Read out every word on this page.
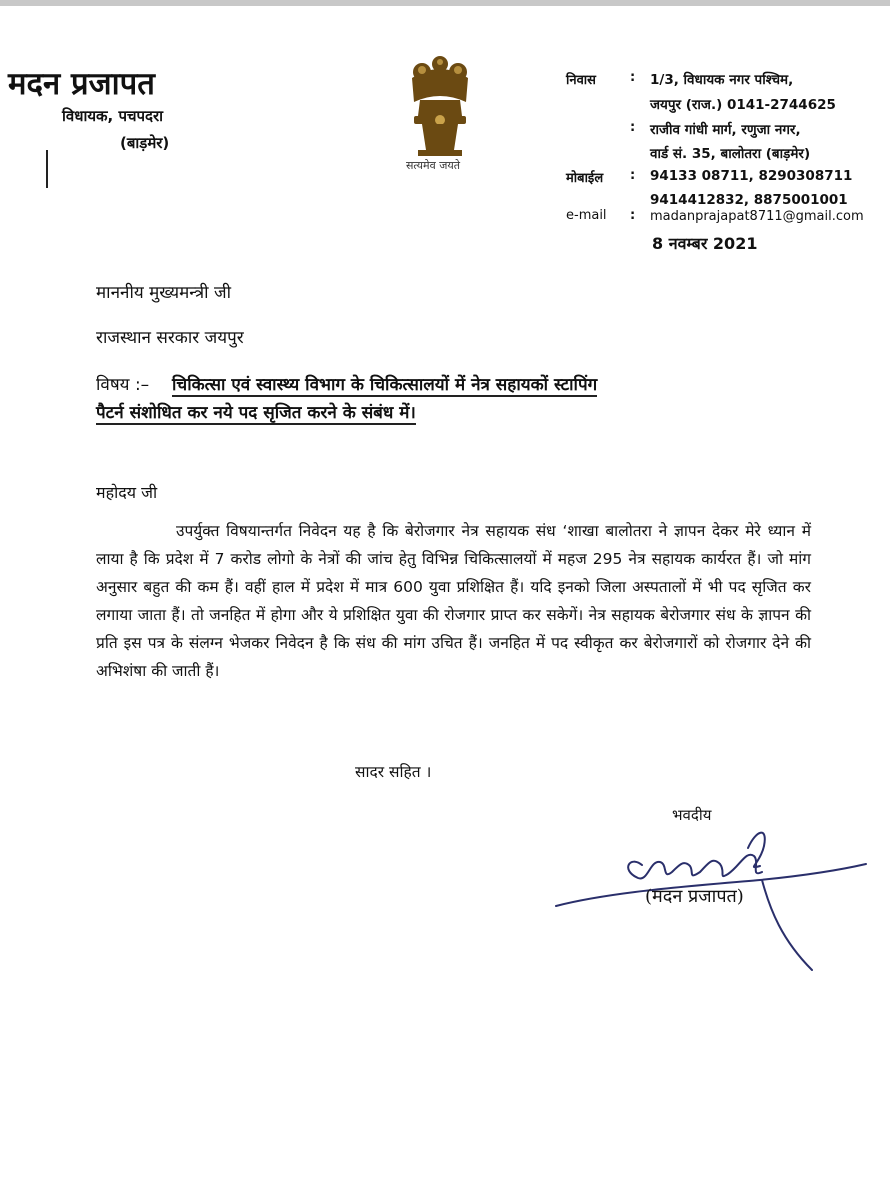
मदन प्रजापत
विधायक, पचपदरा
(बाड़मेर)
सत्यमेव जयते
निवास	: 1/3, विधायक नगर पश्चिम,
जयपुर (राज.) 0141-2744625
: राजीव गांधी मार्ग, रणुजा नगर,
वार्ड सं. 35, बालोतरा (बाड़मेर)
मोबाईल : 94133 08711, 8290308711
9414412832, 8875001001
e-mail : madanprajapat8711@gmail.com
8 नवम्बर 2021
माननीय मुख्यमन्त्री जी
राजस्थान सरकार जयपुर
विषय :– चिकित्सा एवं स्वास्थ्य विभाग के चिकित्सालयों में नेत्र सहायकों स्टापिंग
पैटर्न संशोधित कर नये पद सृजित करने के संबंध में।
महोदय जी
उपर्युक्त विषयान्तर्गत निवेदन यह है कि बेरोजगार नेत्र सहायक संध ‘शाखा बालोतरा ने ज्ञापन देकर मेरे ध्यान में लाया है कि प्रदेश में 7 करोड लोगो के नेत्रों की जांच हेतु विभिन्न चिकित्सालयों में महज 295 नेत्र सहायक कार्यरत हैं। जो मांग अनुसार बहुत की कम हैं। वहीं हाल में प्रदेश में मात्र 600 युवा प्रशिक्षित हैं। यदि इनको जिला अस्पतालों में भी पद सृजित कर लगाया जाता हैं। तो जनहित में होगा और ये प्रशिक्षित युवा की रोजगार प्राप्त कर सकेगें। नेत्र सहायक बेरोजगार संध के ज्ञापन की प्रति इस पत्र के संलग्न भेजकर निवेदन है कि संध की मांग उचित हैं। जनहित में पद स्वीकृत कर बेरोजगारों को रोजगार देने की अभिशंषा की जाती हैं।
सादर सहित ।
भवदीय
(मदन प्रजापत)
